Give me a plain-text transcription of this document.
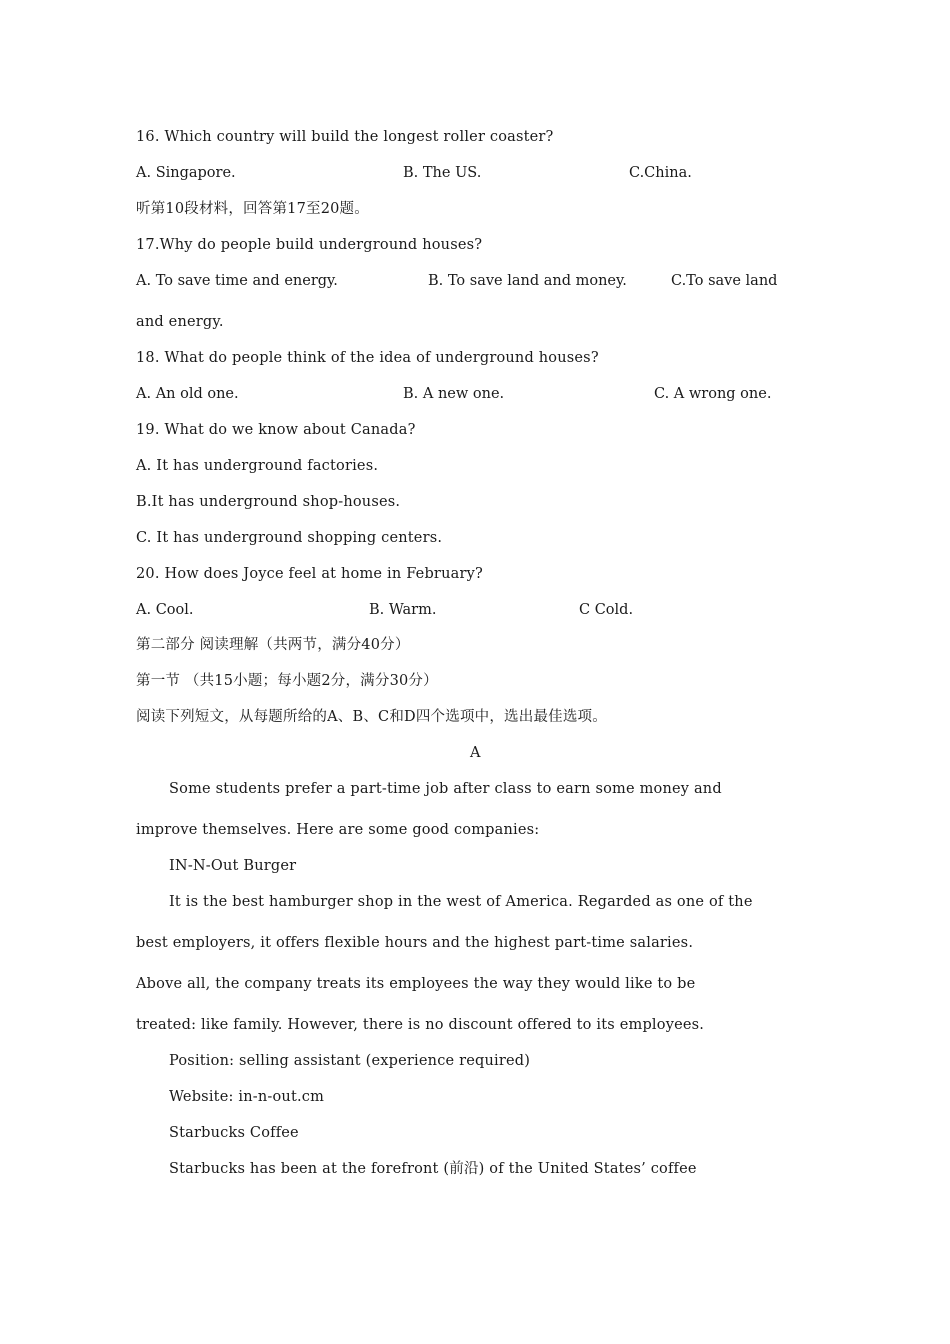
16. Which country will build the longest roller coaster?
A. Singapore.	B. The US.	C.China.
听第10段材料，回答第17至20题。
17.Why do people build underground houses?
A. To save time and energy.	B. To save land and money.	C.To save land
and energy.
18. What do people think of the idea of underground houses?
A. An old one.	B. A new one.	C. A wrong one.
19. What do we know about Canada?
A. It has underground factories.
B.It has underground shop-houses.
C. It has underground shopping centers.
20. How does Joyce feel at home in February?
A. Cool.	B. Warm.	C Cold.
第二部分 阅读理解（共两节，满分40分）
第一节 （共15小题；每小题2分，满分30分）
阅读下列短文，从每题所给的A、B、C和D四个选项中，选出最佳选项。
A
Some students prefer a part-time job after class to earn some money and
improve themselves. Here are some good companies:
IN-N-Out Burger
It is the best hamburger shop in the west of America. Regarded as one of the
best employers, it offers flexible hours and the highest part-time salaries.
Above all, the company treats its employees the way they would like to be
treated: like family. However, there is no discount offered to its employees.
Position: selling assistant (experience required)
Website: in-n-out.cm
Starbucks Coffee
Starbucks has been at the forefront (前沿) of the United States’ coffee
